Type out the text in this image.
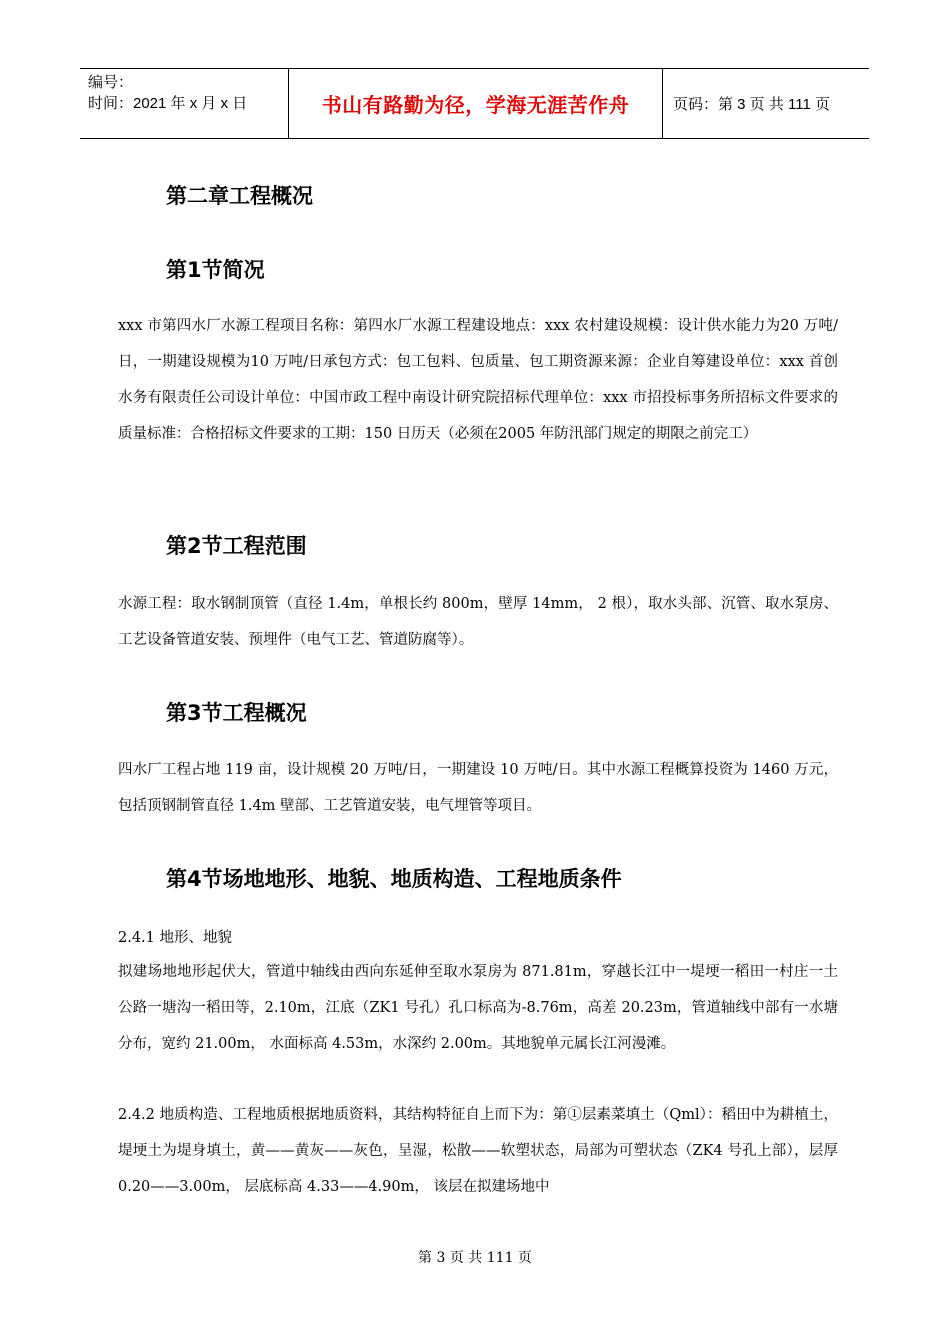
编号：
时间：2021 年 x 月 x 日	书山有路勤为径，学海无涯苦作舟	页码：第 3 页 共 111 页
第二章工程概况
第1节简况

xxx 市第四水厂水源工程项目名称：第四水厂水源工程建设地点：xxx 农村建设规模：设计供水能力为20 万吨/日，一期建设规模为10 万吨/日承包方式：包工包料、包质量、包工期资源来源：企业自筹建设单位：xxx 首创水务有限责任公司设计单位：中国市政工程中南设计研究院招标代理单位：xxx 市招投标事务所招标文件要求的质量标准：合格招标文件要求的工期：150 日历天（必须在2005 年防汛部门规定的期限之前完工）

第2节工程范围

水源工程：取水钢制顶管（直径 1.4m，单根长约 800m，壁厚 14mm， 2 根），取水头部、沉管、取水泵房、工艺设备管道安装、预埋件（电气工艺、管道防腐等）。

第3节工程概况

四水厂工程占地 119 亩，设计规模 20 万吨/日，一期建设 10 万吨/日。其中水源工程概算投资为 1460 万元，包括顶钢制管直径 1.4m 壁部、工艺管道安装，电气埋管等项目。

第4节场地地形、地貌、地质构造、工程地质条件

2.4.1 地形、地貌

拟建场地地形起伏大，管道中轴线由西向东延伸至取水泵房为 871.81m，穿越长江中一堤埂一稻田一村庄一土公路一塘沟一稻田等，2.10m，江底（ZK1 号孔）孔口标高为-8.76m，高差 20.23m，管道轴线中部有一水塘分布，宽约 21.00m， 水面标高 4.53m，水深约 2.00m。其地貌单元属长江河漫滩。

2.4.2 地质构造、工程地质根据地质资料，其结构特征自上而下为：第①层素菜填土（Qml）：稻田中为耕植土，堤埂土为堤身填土，黄——黄灰——灰色，呈湿，松散——软塑状态，局部为可塑状态（ZK4 号孔上部），层厚 0.20——3.00m， 层底标高 4.33——4.90m， 该层在拟建场地中

第 3 页 共 111 页
